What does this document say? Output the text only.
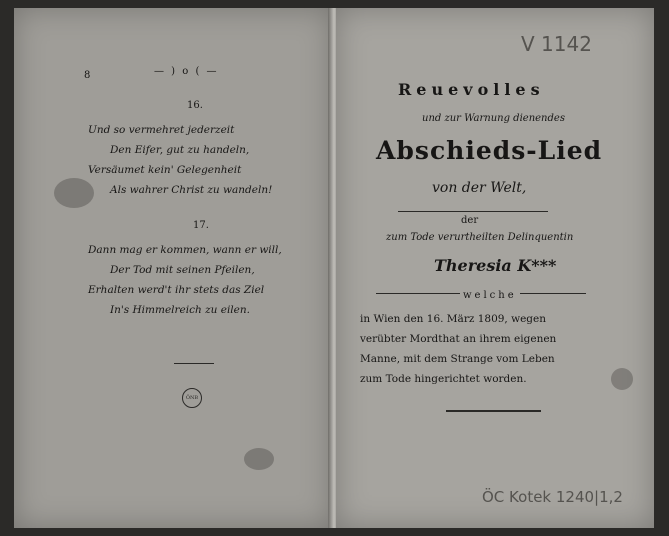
8	— ) o ( —
16.
Und so vermehret jederzeit
Den Eifer, gut zu handeln,
Versäumet kein' Gelegenheit
Als wahrer Christ zu wandeln!
17.
Dann mag er kommen, wann er will,
Der Tod mit seinen Pfeilen,
Erhalten werd't ihr stets das Ziel
In's Himmelreich zu eilen.
ÖNB
V 1142
Reuevolles
und zur Warnung dienendes
Abschieds-Lied
von der Welt,
der
zum Tode verurtheilten Delinquentin
Theresia K***
welche
in Wien den 16. März 1809, wegen
verübter Mordthat an ihrem eigenen
Manne, mit dem Strange vom Leben
zum Tode hingerichtet worden.
ÖC Kotek 1240|1,2
